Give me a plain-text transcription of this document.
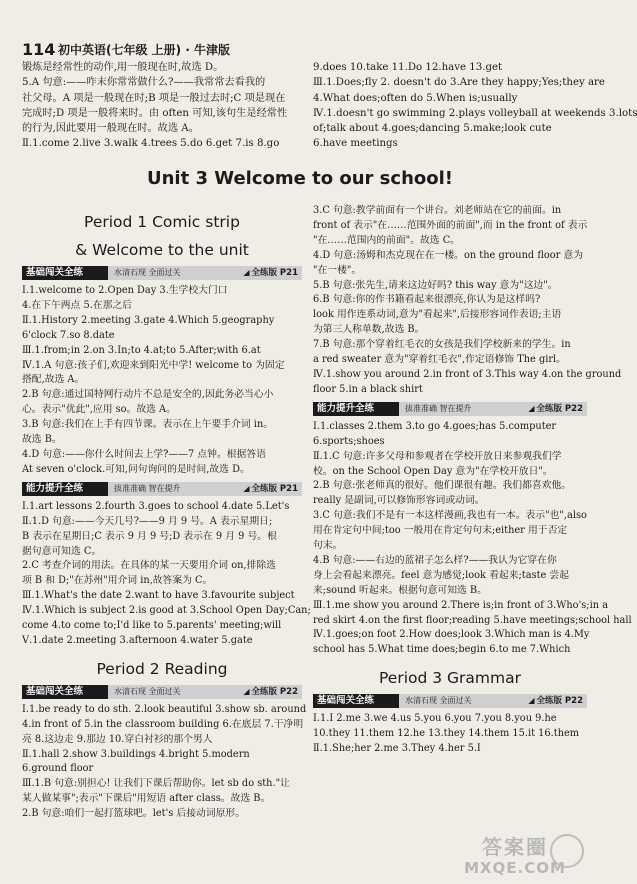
114 初中英语(七年级 上册) · 牛津版
锻炼是经常性的动作,用一般现在时,故选 D。
5.A 句意:——咋末你常常做什么?——我常常去看我的
社父母。A 项是一般现在时;B 项是一般过去时;C 项是现在
完成时;D 项是一般将来时。由 often 可知,该句生是经常性
的行为,因此要用一般现在时。故选 A。
Ⅱ.1.come 2.live 3.walk 4.trees 5.do 6.get 7.is 8.go
9.does 10.take 11.Do 12.have 13.get
Ⅲ.1.Does;fly 2. doesn't do 3.Are they happy;Yes;they are
4.What does;often do 5.When is;usually
Ⅳ.1.doesn't go swimming 2.plays volleyball at weekends 3.lots
of;talk about 4.goes;dancing 5.make;look cute
6.have meetings
Unit 3 Welcome to our school!
Period 1 Comic strip
& Welcome to the unit
基础闯关全练	水清石现 全面过关	◢ 全练版 P21
Ⅰ.1.welcome to 2.Open Day 3.生学校大门口
4.在下午两点 5.在那之后
Ⅱ.1.History 2.meeting 3.gate 4.Which 5.geography
6'clock 7.so 8.date
Ⅲ.1.from;in 2.on 3.In;to 4.at;to 5.After;with 6.at
Ⅳ.1.A 句意:孩子们,欢迎来到阳光中学! welcome to 为固定
搭配,故选 A。
2.B 句意:通过国特网行动片不总是安全的,因此务必当心小
心。表示"优此",应用 so。故选 A。
3.B 句意:我们在上手有四节课。表示在上午要手介词 in。
故选 B。
4.D 句意:——你什么时间去上学?——7 点钟。根据答语
At seven o'clock.可知,问句询问的是时间,故选 D。
能力提升全练	拔准准确 智在提升	◢ 全练版 P21
Ⅰ.1.art lessons 2.fourth 3.goes to school 4.date 5.Let's
Ⅱ.1.D 句意:——今天几号?——9 月 9 号。A 表示星期日;
B 表示在星期日;C 表示 9 月 9 号;D 表示在 9 月 9 号。根
据句意可知选 C。
2.C 考查介词的用法。在具体的某一天要用介词 on,排除选
项 B 和 D;"在苏州"用介词 in,故答案为 C。
Ⅲ.1.What's the date 2.want to have 3.favourite subject
Ⅳ.1.Which is subject 2.is good at 3.School Open Day;Can;
come 4.to come to;I'd like to 5.parents' meeting;will
Ⅴ.1.date 2.meeting 3.afternoon 4.water 5.gate
Period 2 Reading
基础闯关全练	水清石现 全面过关	◢ 全练版 P22
Ⅰ.1.be ready to do sth. 2.look beautiful 3.show sb. around
4.in front of 5.in the classroom building 6.在底层 7.干净明
亮 8.这边走 9.那边 10.穿白衬衫的那个男人
Ⅱ.1.hall 2.show 3.buildings 4.bright 5.modern
6.ground floor
Ⅲ.1.B 句意:别担心! 让我们下课后帮助你。let sb do sth."让
某人做某事";表示"下课后"用短语 after class。故选 B。
2.B 句意:咱们一起打篮球吧。let's 后接动词原形。
3.C 句意:教学前面有一个讲台。刘老师站在它的前面。in
front of 表示"在……范围外面的前面",而 in the front of 表示
"在……范围内的前面"。故选 C。
4.D 句意:汤姆和杰克现在在一楼。on the ground floor 意为
"在一楼"。
5.B 句意:张先生,请来这边好吗? this way 意为"这边"。
6.B 句意:你的作书籍看起来很漂亮,你认为是这样吗?
look 用作连系动词,意为"看起来",后接形容词作表语;主语
为第三人称单数,故选 B。
7.B 句意:那个穿着红毛衣的女孩是我们学校新来的学生。in
a red sweater 意为"穿着红毛衣",作定语修饰 The girl。
Ⅳ.1.show you around 2.in front of 3.This way 4.on the ground
floor 5.in a black shirt
能力提升全练	拔准准确 智在提升	◢ 全练版 P22
Ⅰ.1.classes 2.them 3.to go 4.goes;has 5.computer
6.sports;shoes
Ⅱ.1.C 句意:许多父母和参观者在学校开放日来参观我们学
校。on the School Open Day 意为"在学校开放日"。
2.B 句意:张老师真的很好。他们课很有趣。我们都喜欢他。
really 是副词,可以修饰形容词或动词。
3.C 句意:我们不是有一本这样漫画,我也有一本。表示"也",also
用在肯定句中间;too 一般用在肯定句句末;either 用于否定
句末。
4.B 句意:——右边的蓝裙子怎么样?——我认为它穿在你
身上会看起来漂亮。feel 意为感觉;look 看起来;taste 尝起
来;sound 听起来。根据句意可知选 B。
Ⅲ.1.me show you around 2.There is;in front of 3.Who's;in a
red skirt 4.on the first floor;reading 5.have meetings;school hall
Ⅳ.1.goes;on foot 2.How does;look 3.Which man is 4.My
school has 5.What time does;begin 6.to me 7.Which
Period 3 Grammar
基础闯关全练	水清石现 全面过关	◢ 全练版 P22
Ⅰ.1.I 2.me 3.we 4.us 5.you 6.you 7.you 8.you 9.he
10.they 11.them 12.he 13.they 14.them 15.it 16.them
Ⅱ.1.She;her 2.me 3.They 4.her 5.I
答案圈
MXQE.COM
